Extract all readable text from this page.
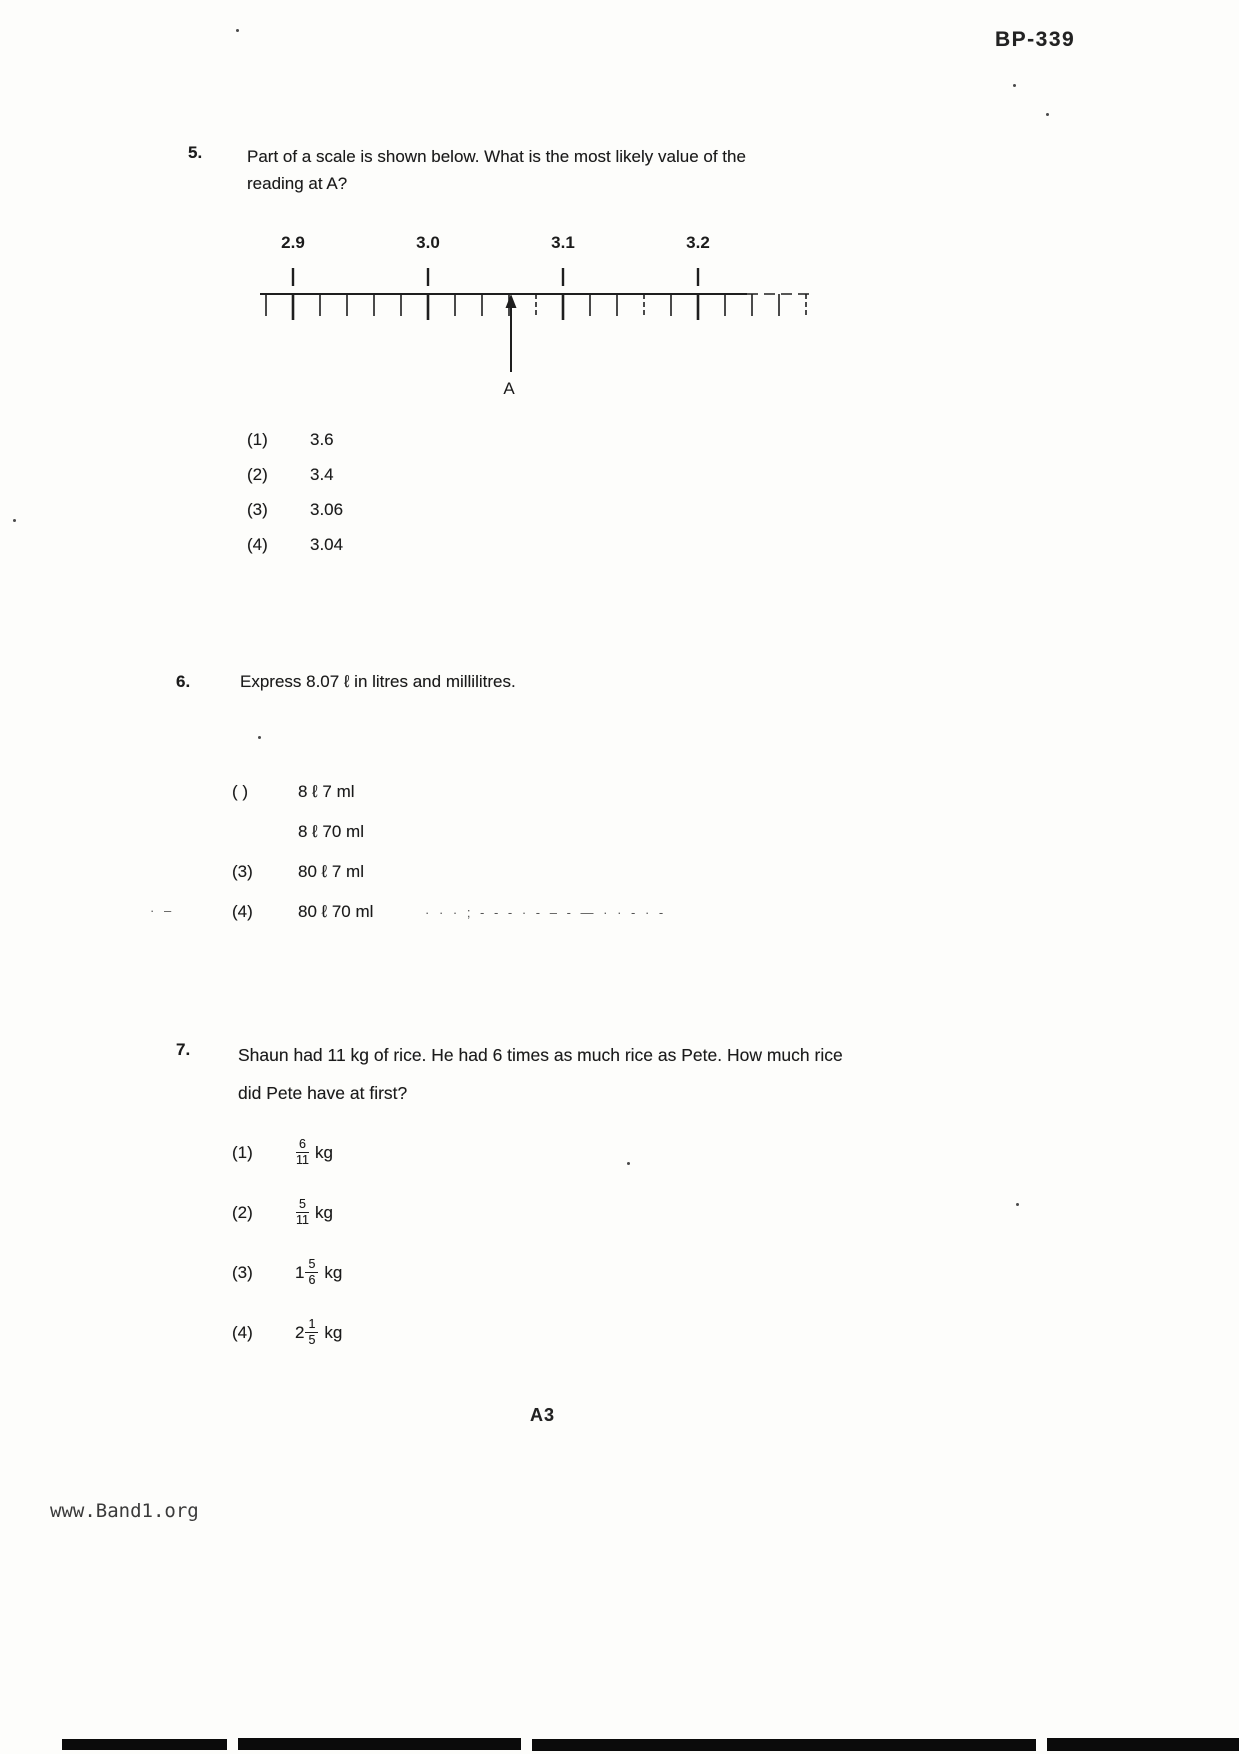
BP-339
5.	Part of a scale is shown below. What is the most likely value of the
reading at A?
2.9	3.0	3.1	3.2
A
(1)	3.6
(2)	3.4
(3)	3.06
(4)	3.04
6.	Express 8.07 ℓ in litres and millilitres.
( )	8 ℓ 7 ml
8 ℓ 70 ml
(3)	80 ℓ 7 ml
(4)	80 ℓ 70 ml
· –	· · · ; - - - · - – - — · · - · -
7.	Shaun had 11 kg of rice. He had 6 times as much rice as Pete. How much rice
did Pete have at first?
(1)	$\frac{6}{11}$ kg
(2)	$\frac{5}{11}$ kg
(3)	$1 \frac{5}{6}$ kg
(4)	$2 \frac{1}{5}$ kg
A3
www.Band1.org
